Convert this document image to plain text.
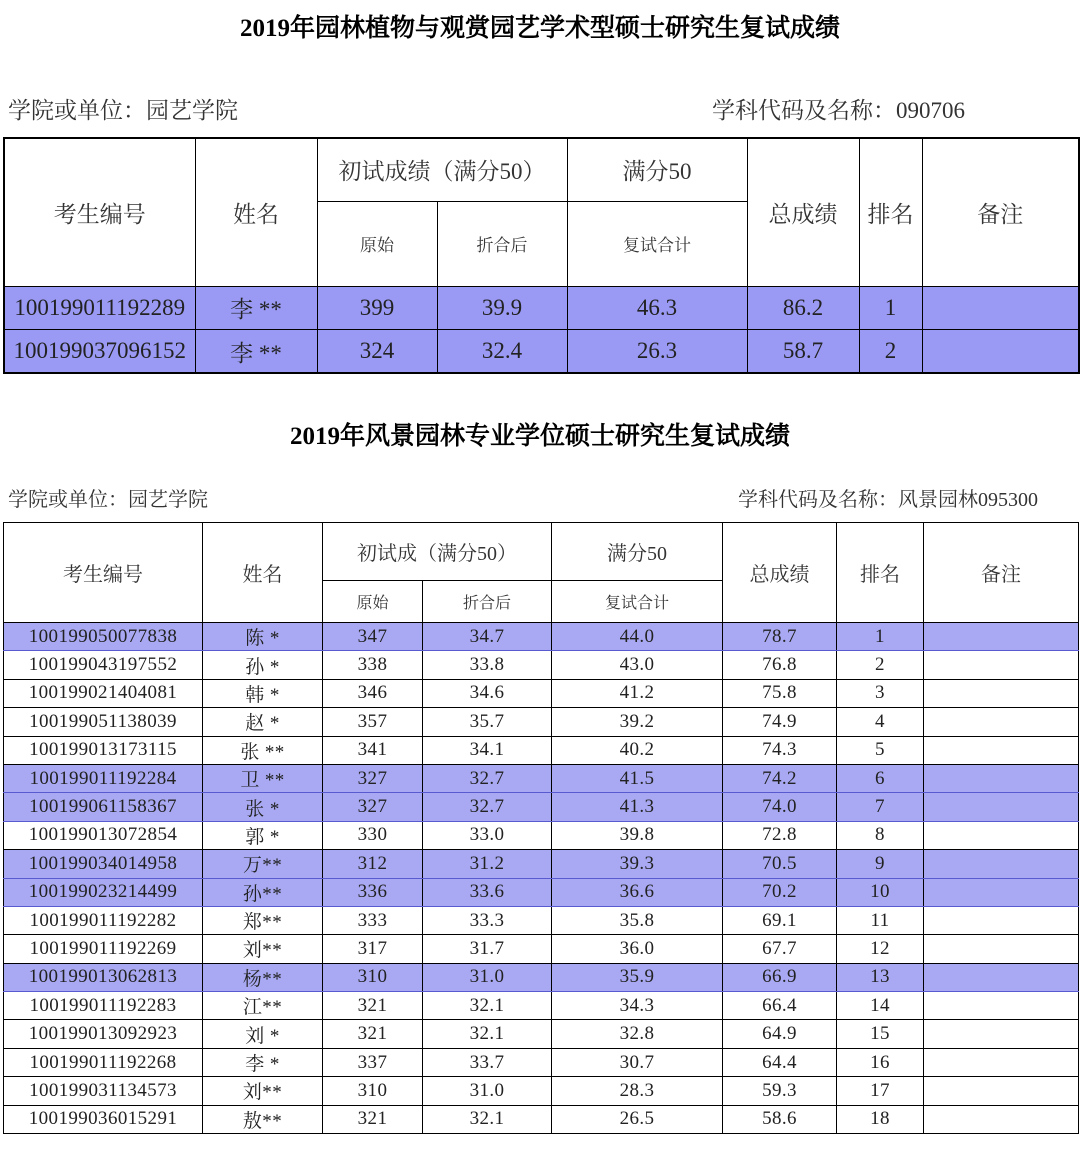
2019年园林植物与观赏园艺学术型硕士研究生复试成绩
学院或单位：园艺学院	学科代码及名称：090706
考生编号	姓名	初试成绩（满分50）		满分50	总成绩	排名	备注
		原始	折合后	复试合计			
100199011192289	李 **	399	39.9	46.3	86.2	1	
100199037096152	李 **	324	32.4	26.3	58.7	2	
2019年风景园林专业学位硕士研究生复试成绩
学院或单位：园艺学院	学科代码及名称：风景园林095300
考生编号	姓名	初试成（满分50）		满分50	总成绩	排名	备注
		原始	折合后	复试合计			
100199050077838	陈 *	347	34.7	44.0	78.7	1	
100199043197552	孙 *	338	33.8	43.0	76.8	2	
100199021404081	韩 *	346	34.6	41.2	75.8	3	
100199051138039	赵 *	357	35.7	39.2	74.9	4	
100199013173115	张 **	341	34.1	40.2	74.3	5	
100199011192284	卫 **	327	32.7	41.5	74.2	6	
100199061158367	张 *	327	32.7	41.3	74.0	7	
100199013072854	郭 *	330	33.0	39.8	72.8	8	
100199034014958	万**	312	31.2	39.3	70.5	9	
100199023214499	孙**	336	33.6	36.6	70.2	10	
100199011192282	郑**	333	33.3	35.8	69.1	11	
100199011192269	刘**	317	31.7	36.0	67.7	12	
100199013062813	杨**	310	31.0	35.9	66.9	13	
100199011192283	江**	321	32.1	34.3	66.4	14	
100199013092923	刘 *	321	32.1	32.8	64.9	15	
100199011192268	李 *	337	33.7	30.7	64.4	16	
100199031134573	刘**	310	31.0	28.3	59.3	17	
100199036015291	敖**	321	32.1	26.5	58.6	18	
